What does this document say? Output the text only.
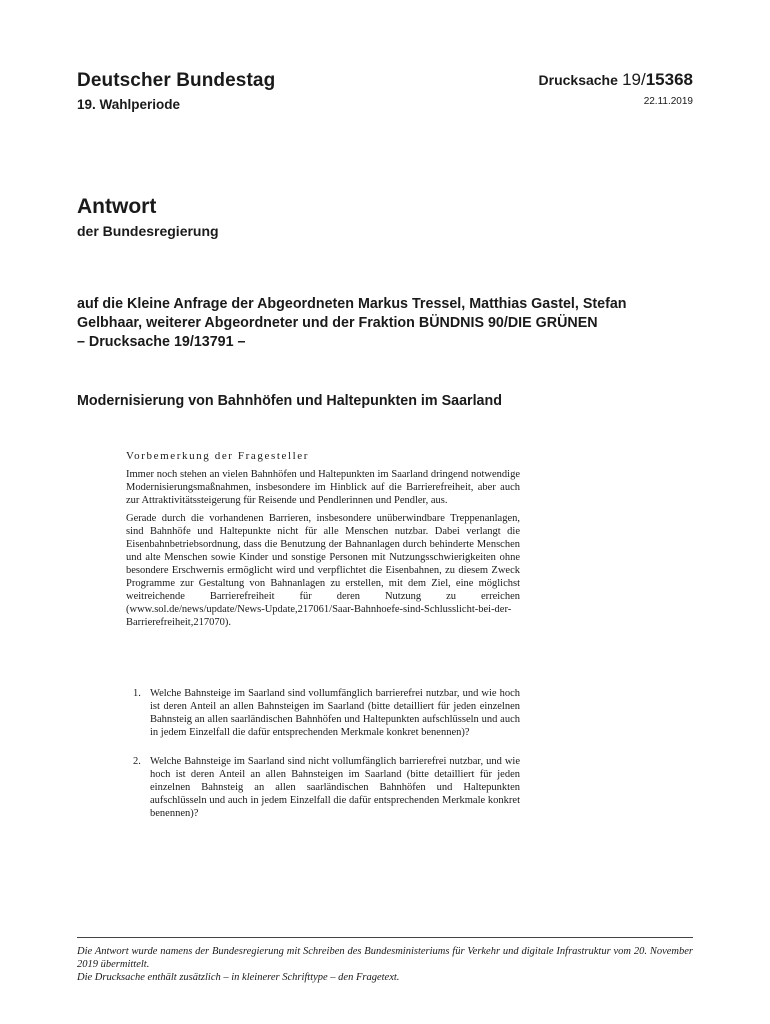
Deutscher Bundestag
19. Wahlperiode
Drucksache 19/15368
22.11.2019
Antwort
der Bundesregierung
auf die Kleine Anfrage der Abgeordneten Markus Tressel, Matthias Gastel, Stefan
Gelbhaar, weiterer Abgeordneter und der Fraktion BÜNDNIS 90/DIE GRÜNEN
– Drucksache 19/13791 –
Modernisierung von Bahnhöfen und Haltepunkten im Saarland
Vorbemerkung der Fragesteller

Immer noch stehen an vielen Bahnhöfen und Haltepunkten im Saarland dringend notwendige Modernisierungsmaßnahmen, insbesondere im Hinblick auf die Barrierefreiheit, aber auch zur Attraktivitätssteigerung für Reisende und Pendlerinnen und Pendler, aus.

Gerade durch die vorhandenen Barrieren, insbesondere unüberwindbare Treppenanlagen, sind Bahnhöfe und Haltepunkte nicht für alle Menschen nutzbar. Dabei verlangt die Eisenbahnbetriebsordnung, dass die Benutzung der Bahnanlagen durch behinderte Menschen und alte Menschen sowie Kinder und sonstige Personen mit Nutzungsschwierigkeiten ohne besondere Erschwernis ermöglicht wird und verpflichtet die Eisenbahnen, zu diesem Zweck Programme zur Gestaltung von Bahnanlagen zu erstellen, mit dem Ziel, eine möglichst weitreichende Barrierefreiheit für deren Nutzung zu erreichen (www.sol.de/news/update/News-Update,217061/Saar-Bahnhoefe-sind-Schlusslicht-bei-der-Barrierefreiheit,217070).

1. Welche Bahnsteige im Saarland sind vollumfänglich barrierefrei nutzbar, und wie hoch ist deren Anteil an allen Bahnsteigen im Saarland (bitte detailliert für jeden einzelnen Bahnsteig an allen saarländischen Bahnhöfen und Haltepunkten aufschlüsseln und auch in jedem Einzelfall die dafür entsprechenden Merkmale konkret benennen)?
2. Welche Bahnsteige im Saarland sind nicht vollumfänglich barrierefrei nutzbar, und wie hoch ist deren Anteil an allen Bahnsteigen im Saarland (bitte detailliert für jeden einzelnen Bahnsteig an allen saarländischen Bahnhöfen und Haltepunkten aufschlüsseln und auch in jedem Einzelfall die dafür entsprechenden Merkmale konkret benennen)?

Die Antwort wurde namens der Bundesregierung mit Schreiben des Bundesministeriums für Verkehr und digitale Infrastruktur vom 20. November 2019 übermittelt.

Die Drucksache enthält zusätzlich – in kleinerer Schrifttype – den Fragetext.
